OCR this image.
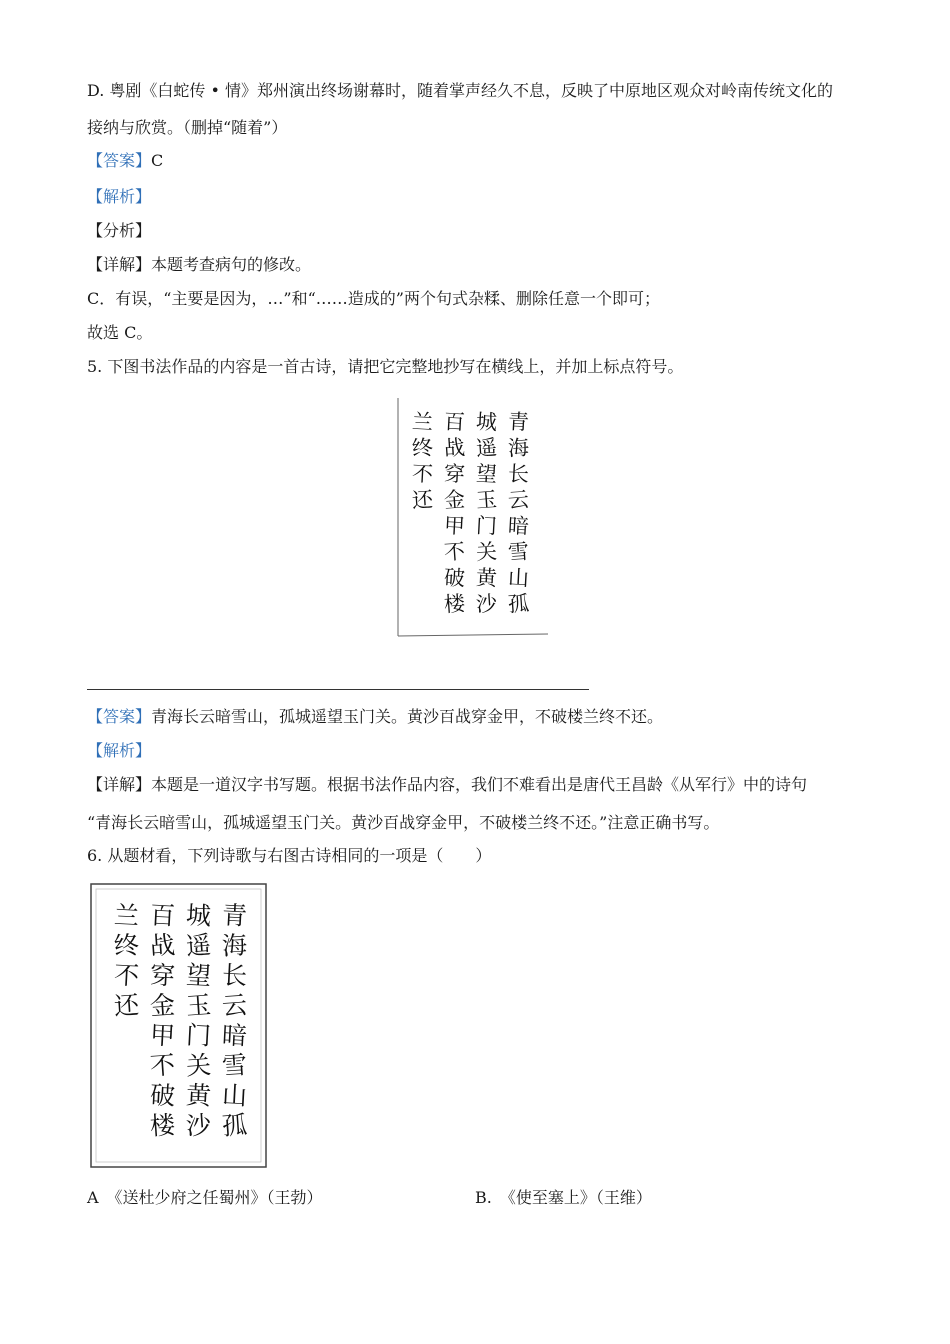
D. 粤剧《白蛇传 • 情》郑州演出终场谢幕时，随着掌声经久不息，反映了中原地区观众对岭南传统文化的
接纳与欣赏。（删掉“随着”）
【答案】C
【解析】
【分析】
【详解】本题考查病句的修改。
C．有误，“主要是因为，…”和“……造成的”两个句式杂糅、删除任意一个即可；
故选 C。
5. 下图书法作品的内容是一首古诗，请把它完整地抄写在横线上，并加上标点符号。
青
海
长
云
暗
雪
山
孤
城
遥
望
玉
门
关
黄
沙
百
战
穿
金
甲
不
破
楼
兰
终
不
还
【答案】青海长云暗雪山，孤城遥望玉门关。黄沙百战穿金甲，不破楼兰终不还。
【解析】
【详解】本题是一道汉字书写题。根据书法作品内容，我们不难看出是唐代王昌龄《从军行》中的诗句
“青海长云暗雪山，孤城遥望玉门关。黄沙百战穿金甲，不破楼兰终不还。”注意正确书写。
6. 从题材看，下列诗歌与右图古诗相同的一项是（　　）
青
海
长
云
暗
雪
山
孤
城
遥
望
玉
门
关
黄
沙
百
战
穿
金
甲
不
破
楼
兰
终
不
还
A　《送杜少府之任蜀州》（王勃）	B.　《使至塞上》（王维）
